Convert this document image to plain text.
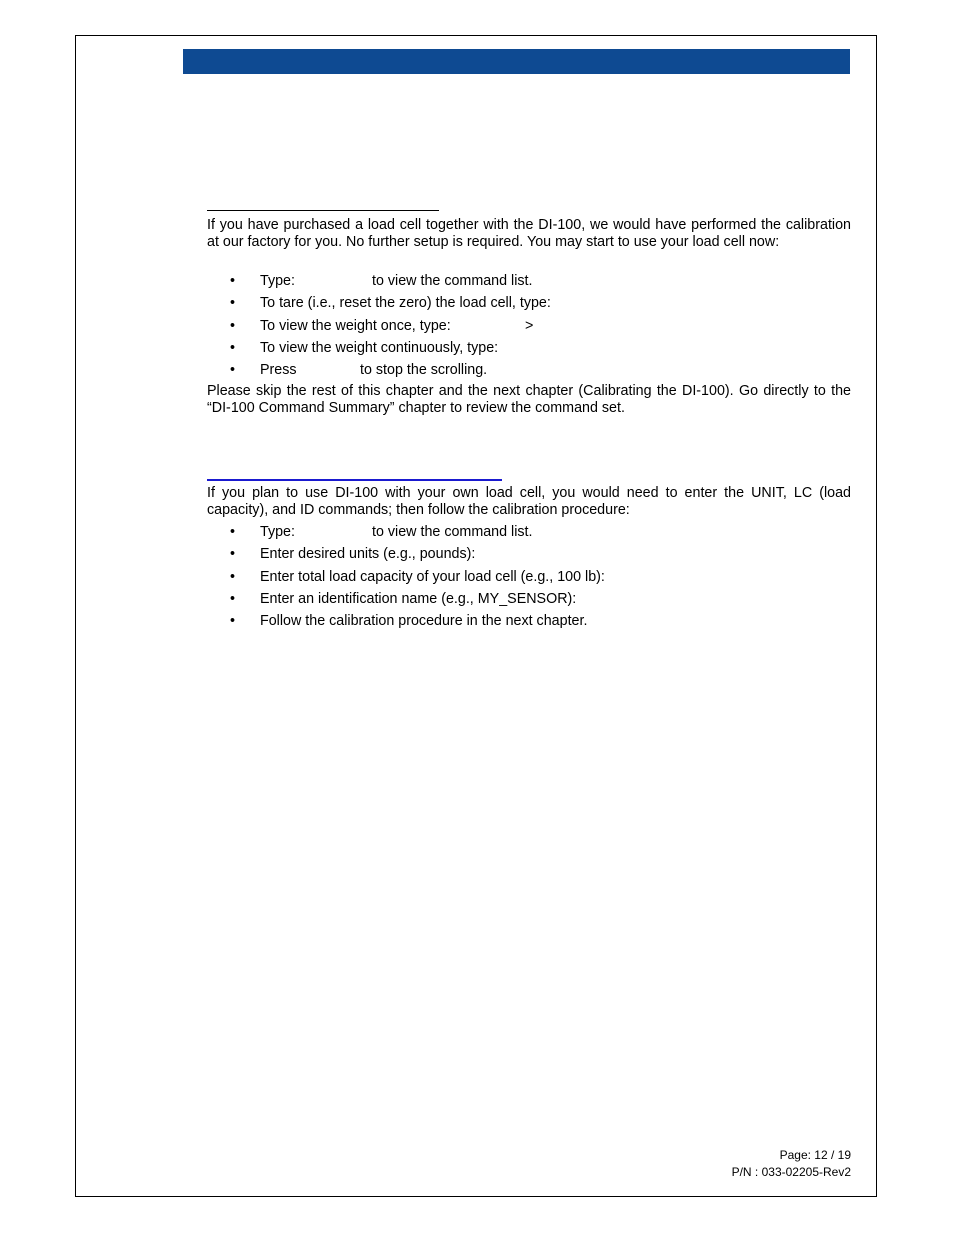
If you have purchased a load cell together with the DI-100, we would have performed the calibration at our factory for you. No further setup is required. You may start to use your load cell now:

•	Type:	to view the command list.
•	To tare (i.e., reset the zero) the load cell, type:
•	To view the weight once, type:	>
•	To view the weight continuously, type:
•	Press	to stop the scrolling.

Please skip the rest of this chapter and the next chapter (Calibrating the DI-100). Go directly to the “DI-100 Command Summary” chapter to review the command set.

If you plan to use DI-100 with your own load cell, you would need to enter the UNIT, LC (load capacity), and ID commands; then follow the calibration procedure:

•	Type:	to view the command list.
•	Enter desired units (e.g., pounds):
•	Enter total load capacity of your load cell (e.g., 100 lb):
•	Enter an identification name (e.g., MY_SENSOR):
•	Follow the calibration procedure in the next chapter.
Page: 12 / 19
P/N : 033-02205-Rev2
